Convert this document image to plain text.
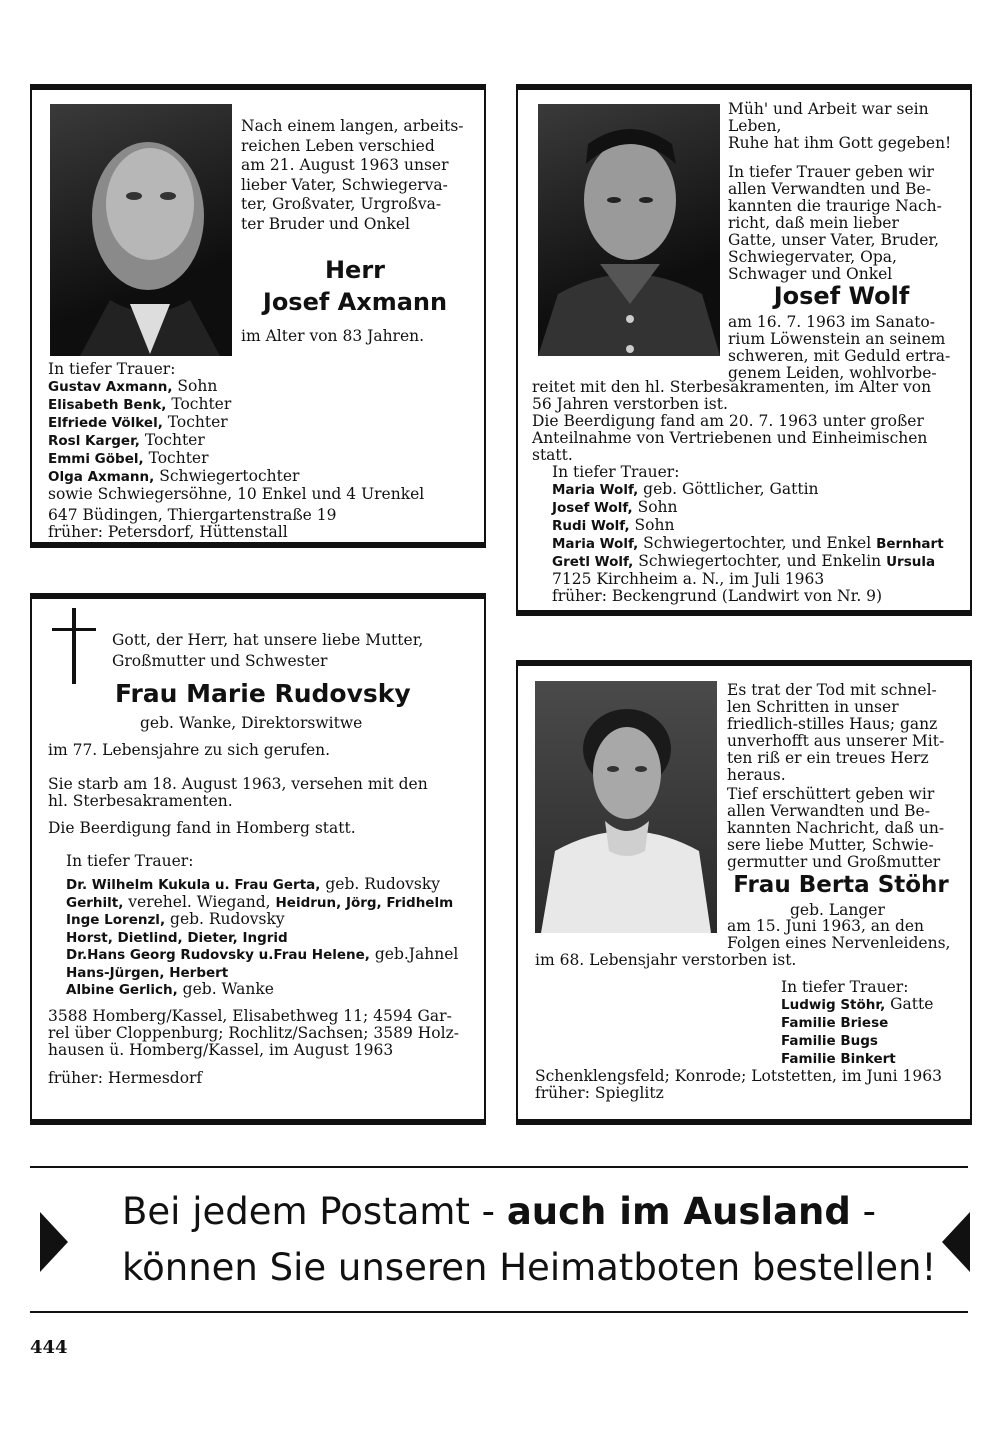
Nach einem langen, arbeits-
reichen Leben verschied
am 21. August 1963 unser
lieber Vater, Schwiegerva-
ter, Großvater, Urgroßva-
ter Bruder und Onkel
Herr
Josef Axmann
im Alter von 83 Jahren.
In tiefer Trauer:
Gustav Axmann, Sohn
Elisabeth Benk, Tochter
Elfriede Völkel, Tochter
Rosl Karger, Tochter
Emmi Göbel, Tochter
Olga Axmann, Schwiegertochter
sowie Schwiegersöhne, 10 Enkel und 4 Urenkel
647 Büdingen, Thiergartenstraße 19
früher: Petersdorf, Hüttenstall
Müh' und Arbeit war sein
Leben,
Ruhe hat ihm Gott gegeben!
In tiefer Trauer geben wir
allen Verwandten und Be-
kannten die traurige Nach-
richt, daß mein lieber
Gatte, unser Vater, Bruder,
Schwiegervater, Opa,
Schwager und Onkel
Josef Wolf
am 16. 7. 1963 im Sanato-
rium Löwenstein an seinem
schweren, mit Geduld ertra-
genem Leiden, wohlvorbe-
reitet mit den hl. Sterbesakramenten, im Alter von
56 Jahren verstorben ist.
Die Beerdigung fand am 20. 7. 1963 unter großer
Anteilnahme von Vertriebenen und Einheimischen
statt.
In tiefer Trauer:
Maria Wolf, geb. Göttlicher, Gattin
Josef Wolf, Sohn
Rudi Wolf, Sohn
Maria Wolf, Schwiegertochter, und Enkel Bernhart
Gretl Wolf, Schwiegertochter, und Enkelin Ursula
7125 Kirchheim a. N., im Juli 1963
früher: Beckengrund (Landwirt von Nr. 9)
Gott, der Herr, hat unsere liebe Mutter,
Großmutter und Schwester
Frau Marie Rudovsky
geb. Wanke, Direktorswitwe
im 77. Lebensjahre zu sich gerufen.
Sie starb am 18. August 1963, versehen mit den
hl. Sterbesakramenten.
Die Beerdigung fand in Homberg statt.
In tiefer Trauer:
Dr. Wilhelm Kukula u. Frau Gerta, geb. Rudovsky
Gerhilt, verehel. Wiegand, Heidrun, Jörg, Fridhelm
Inge Lorenzl, geb. Rudovsky
Horst, Dietlind, Dieter, Ingrid
Dr.Hans Georg Rudovsky u.Frau Helene, geb.Jahnel
Hans-Jürgen, Herbert
Albine Gerlich, geb. Wanke
3588 Homberg/Kassel, Elisabethweg 11; 4594 Gar-
rel über Cloppenburg; Rochlitz/Sachsen; 3589 Holz-
hausen ü. Homberg/Kassel, im August 1963
früher: Hermesdorf
Es trat der Tod mit schnel-
len Schritten in unser
friedlich-stilles Haus; ganz
unverhofft aus unserer Mit-
ten riß er ein treues Herz
heraus.
Tief erschüttert geben wir
allen Verwandten und Be-
kannten Nachricht, daß un-
sere liebe Mutter, Schwie-
germutter und Großmutter
Frau Berta Stöhr
geb. Langer
am 15. Juni 1963, an den
Folgen eines Nervenleidens,
im 68. Lebensjahr verstorben ist.
In tiefer Trauer:
Ludwig Stöhr, Gatte
Familie Briese
Familie Bugs
Familie Binkert
Schenklengsfeld; Konrode; Lotstetten, im Juni 1963
früher: Spieglitz
Bei jedem Postamt - auch im Ausland -
können Sie unseren Heimatboten bestellen!
444
